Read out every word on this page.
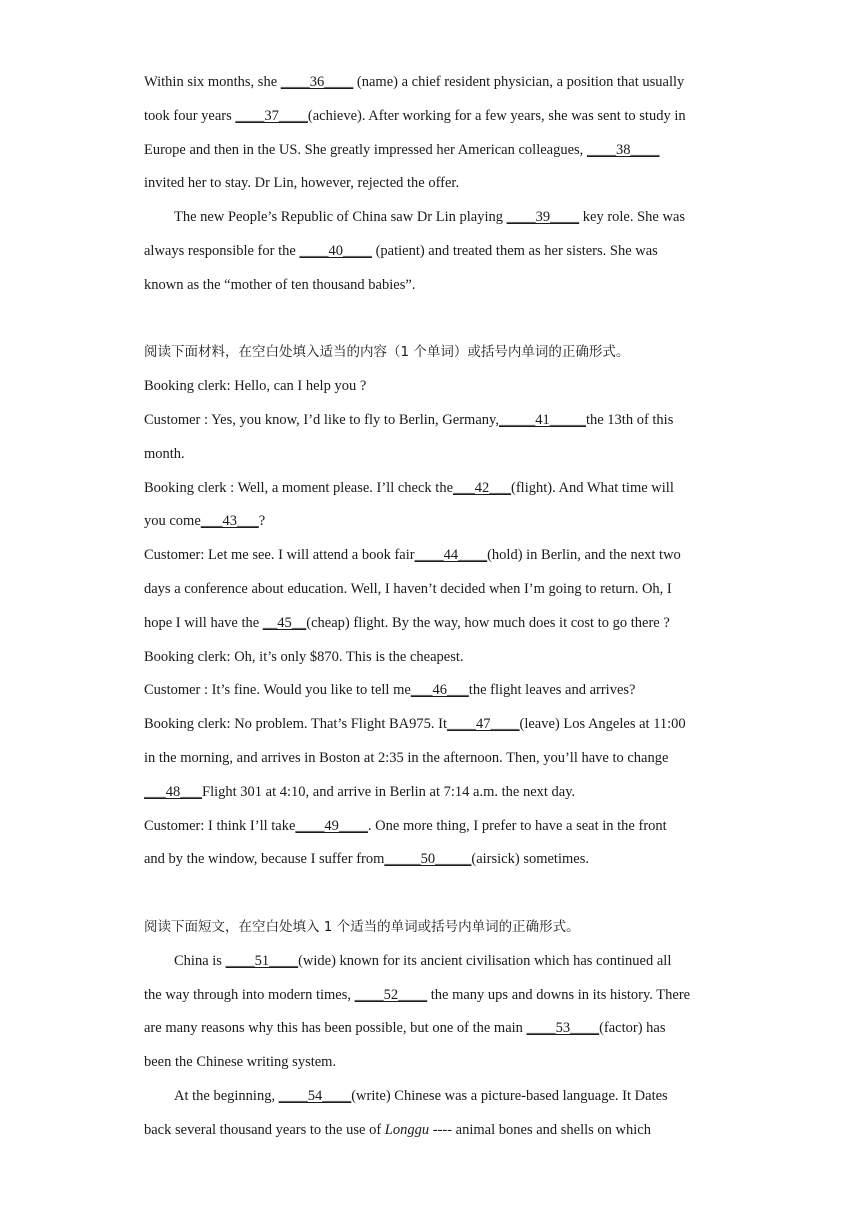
Within six months, she ____36____ (name) a chief resident physician, a position that usually
took four years ____37____(achieve). After working for a few years, she was sent to study in
Europe and then in the US. She greatly impressed her American colleagues, ____38____
invited her to stay. Dr Lin, however, rejected the offer.
The new People’s Republic of China saw Dr Lin playing ____39____ key role. She was
always responsible for the ____40____ (patient) and treated them as her sisters. She was
known as the “mother of ten thousand babies”.
阅读下面材料，在空白处填入适当的内容（1 个单词）或括号内单词的正确形式。
Booking clerk: Hello, can I help you ?
Customer : Yes, you know, I’d like to fly to Berlin, Germany,_____41_____the 13th of this
month.
Booking clerk : Well, a moment please. I’ll check the___42___(flight). And What time will
you come___43___?
Customer: Let me see. I will attend a book fair____44____(hold) in Berlin, and the next two
days a conference about education. Well, I haven’t decided when I’m going to return. Oh, I
hope I will have the __45__(cheap) flight. By the way, how much does it cost to go there ?
Booking clerk: Oh, it’s only $870. This is the cheapest.
Customer : It’s fine. Would you like to tell me___46___the flight leaves and arrives?
Booking clerk: No problem. That’s Flight BA975. It____47____(leave) Los Angeles at 11:00
in the morning, and arrives in Boston at 2:35 in the afternoon. Then, you’ll have to change
___48___Flight 301 at 4:10, and arrive in Berlin at 7:14 a.m. the next day.
Customer: I think I’ll take____49____. One more thing, I prefer to have a seat in the front
and by the window, because I suffer from_____50_____(airsick) sometimes.
阅读下面短文，在空白处填入 1 个适当的单词或括号内单词的正确形式。
China is ____51____(wide) known for its ancient civilisation which has continued all
the way through into modern times, ____52____ the many ups and downs in its history. There
are many reasons why this has been possible, but one of the main ____53____(factor) has
been the Chinese writing system.
At the beginning, ____54____(write) Chinese was a picture-based language. It Dates
back several thousand years to the use of Longgu ---- animal bones and shells on which
